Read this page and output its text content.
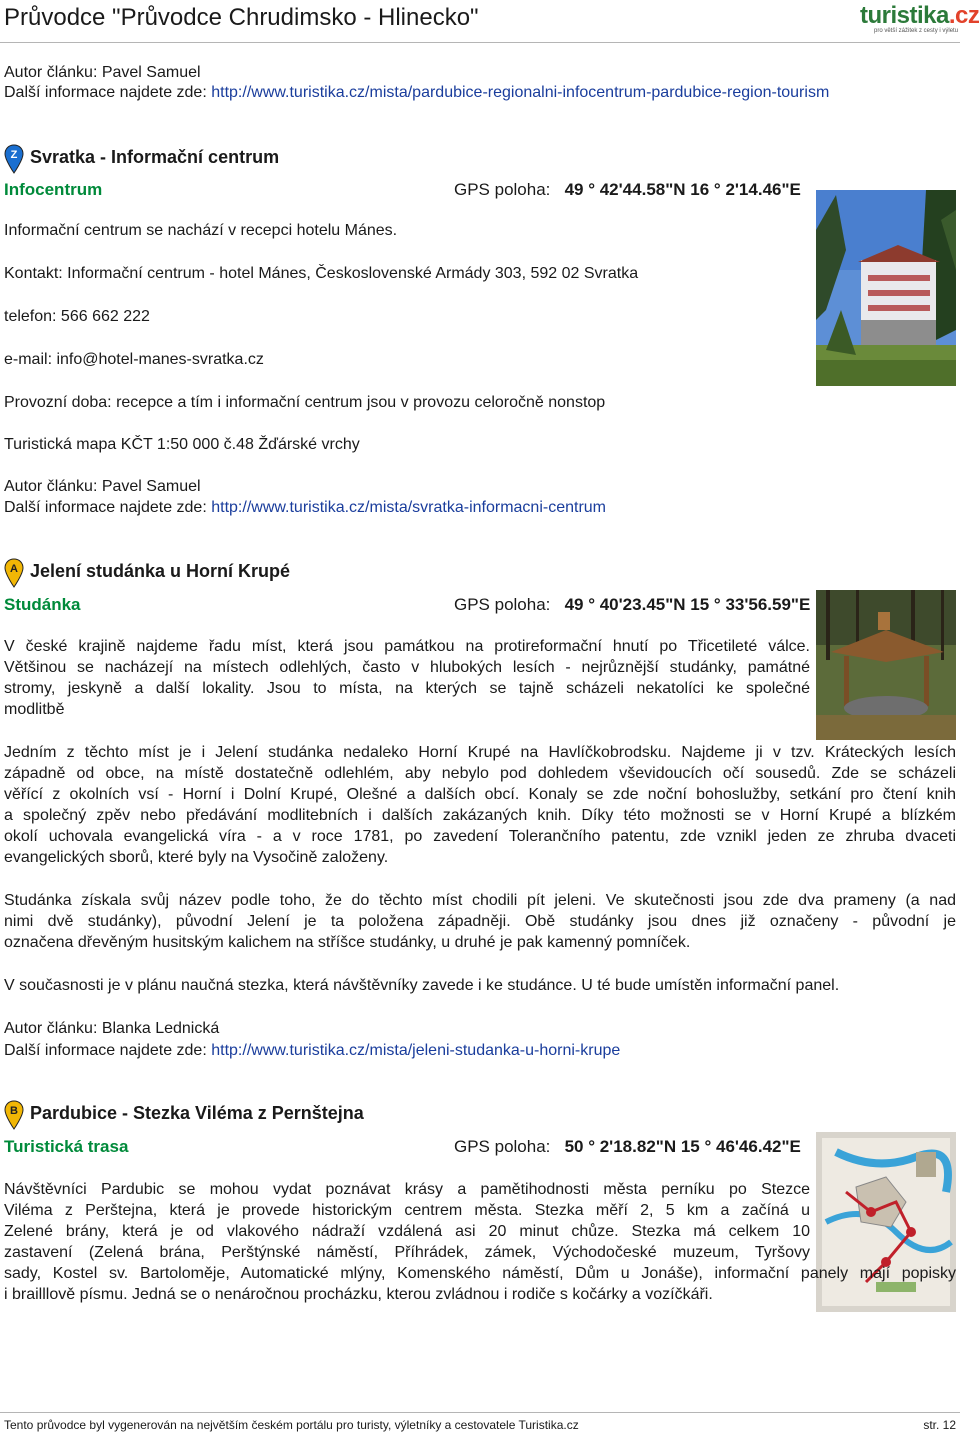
Průvodce "Průvodce Chrudimsko - Hlinecko"	turistika.cz
pro větší zážitek z cesty i výletu
Autor článku: Pavel Samuel
Další informace najdete zde: http://www.turistika.cz/mista/pardubice-regionalni-infocentrum-pardubice-region-tourism
Z Svratka - Informační centrum
Infocentrum	GPS poloha: 49 ° 42'44.58"N 16 ° 2'14.46"E
Informační centrum se nachází v recepci hotelu Mánes.
Kontakt: Informační centrum - hotel Mánes, Československé Armády 303, 592 02 Svratka
telefon: 566 662 222
e-mail: info@hotel-manes-svratka.cz
Provozní doba: recepce a tím i informační centrum jsou v provozu celoročně nonstop
Turistická mapa KČT 1:50 000 č.48 Žďárské vrchy
Autor článku: Pavel Samuel
Další informace najdete zde: http://www.turistika.cz/mista/svratka-informacni-centrum
A Jelení studánka u Horní Krupé
Studánka	GPS poloha: 49 ° 40'23.45"N 15 ° 33'56.59"E
V české krajině najdeme řadu míst, která jsou památkou na protireformační hnutí po Třicetileté válce.
Většinou se nacházejí na místech odlehlých, často v hlubokých lesích - nejrůznější studánky, památné
stromy, jeskyně a další lokality. Jsou to místa, na kterých se tajně scházeli nekatolíci ke společné
modlitbě
Jedním z těchto míst je i Jelení studánka nedaleko Horní Krupé na Havlíčkobrodsku. Najdeme ji v tzv. Kráteckých lesích
západně od obce, na místě dostatečně odlehlém, aby nebylo pod dohledem vševidoucích očí sousedů. Zde se scházeli
věřící z okolních vsí - Horní i Dolní Krupé, Olešné a dalších obcí. Konaly se zde noční bohoslužby, setkání pro čtení knih
a společný zpěv nebo předávání modlitebních i dalších zakázaných knih. Díky této možnosti se v Horní Krupé a blízkém
okolí uchovala evangelická víra - a v roce 1781, po zavedení Tolerančního patentu, zde vznikl jeden ze zhruba dvaceti
evangelických sborů, které byly na Vysočině založeny.
Studánka získala svůj název podle toho, že do těchto míst chodili pít jeleni. Ve skutečnosti jsou zde dva prameny (a nad
nimi dvě studánky), původní Jelení je ta položena západněji. Obě studánky jsou dnes již označeny - původní je
označena dřevěným husitským kalichem na stříšce studánky, u druhé je pak kamenný pomníček.
V současnosti je v plánu naučná stezka, která návštěvníky zavede i ke studánce. U té bude umístěn informační panel.
Autor článku: Blanka Lednická
Další informace najdete zde: http://www.turistika.cz/mista/jeleni-studanka-u-horni-krupe
B Pardubice - Stezka Viléma z Pernštejna
Turistická trasa	GPS poloha: 50 ° 2'18.82"N 15 ° 46'46.42"E
Návštěvníci Pardubic se mohou vydat poznávat krásy a pamětihodnosti města perníku po Stezce
Viléma z Perštejna, která je provede historickým centrem města. Stezka měří 2, 5 km a začíná u
Zelené brány, která je od vlakového nádraží vzdálená asi 20 minut chůze. Stezka má celkem 10
zastavení (Zelená brána, Perštýnské náměstí, Příhrádek, zámek, Východočeské muzeum, Tyršovy
sady, Kostel sv. Bartoloměje, Automatické mlýny, Komenského náměstí, Dům u Jonáše), informační panely mají popisky
i brailllově písmu. Jedná se o nenáročnou procházku, kterou zvládnou i rodiče s kočárky a vozíčkáři.
Tento průvodce byl vygenerován na největším českém portálu pro turisty, výletníky a cestovatele Turistika.cz	str. 12
